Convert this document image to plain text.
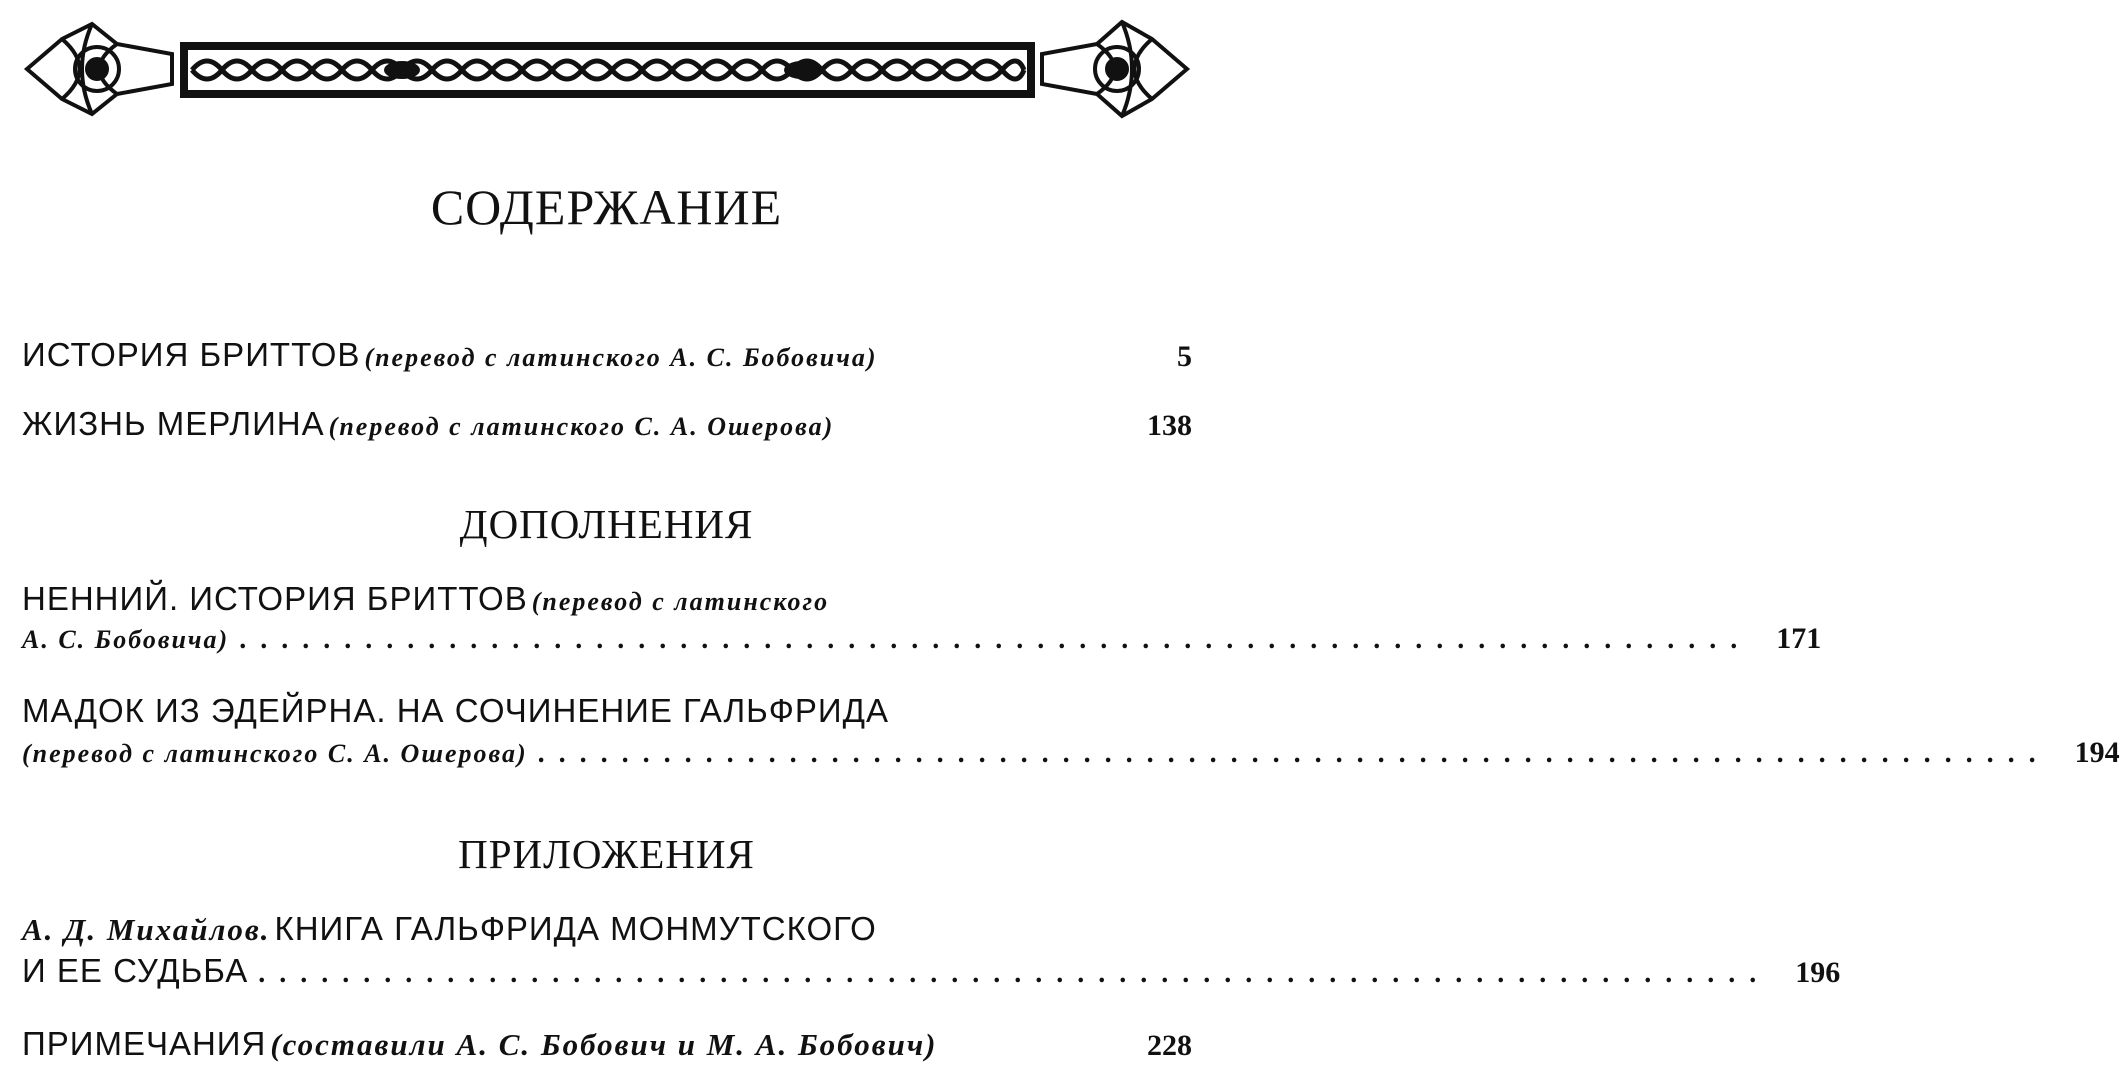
СОДЕРЖАНИЕ
ИСТОРИЯ БРИТТОВ
(перевод с латинского А. С. Бобовича)	5
ЖИЗНЬ МЕРЛИНА
(перевод с латинского С. А. Ошерова)	138
ДОПОЛНЕНИЯ
НЕННИЙ. ИСТОРИЯ БРИТТОВ
(перевод с латинского
А. С. Бобовича) ........................................................................ 171
МАДОК ИЗ ЭДЕЙРНА. НА СОЧИНЕНИЕ ГАЛЬФРИДА
(перевод с латинского С. А. Ошерова) ........................................................................ 194
ПРИЛОЖЕНИЯ
А. Д. Михайлов.
КНИГА ГАЛЬФРИДА МОНМУТСКОГО
И ЕЕ СУДЬБА ........................................................................ 196
ПРИМЕЧАНИЯ
(составили А. С. Бобович и М. А. Бобович)	228
